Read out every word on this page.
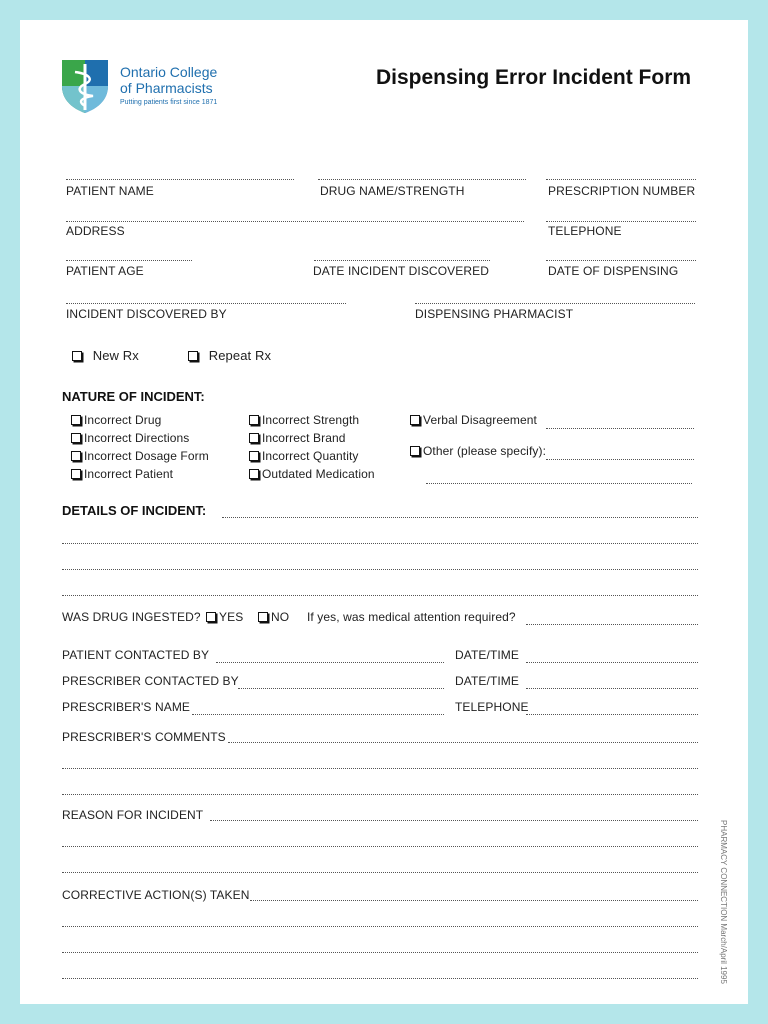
Ontario College
of Pharmacists
Putting patients first since 1871
Dispensing Error Incident Form
PATIENT NAME	DRUG NAME/STRENGTH	PRESCRIPTION NUMBER
ADDRESS	TELEPHONE
PATIENT AGE	DATE INCIDENT DISCOVERED	DATE OF DISPENSING
INCIDENT DISCOVERED BY	DISPENSING PHARMACIST
New Rx	Repeat Rx
NATURE OF INCIDENT:
Incorrect Drug
Incorrect Directions
Incorrect Dosage Form
Incorrect Patient
Incorrect Strength
Incorrect Brand
Incorrect Quantity
Outdated Medication
Verbal Disagreement
Other (please specify):
DETAILS OF INCIDENT:
WAS DRUG INGESTED?	YES	NO If yes, was medical attention required?
PATIENT CONTACTED BY	DATE/TIME
PRESCRIBER CONTACTED BY	DATE/TIME
PRESCRIBER'S NAME	TELEPHONE
PRESCRIBER'S COMMENTS
REASON FOR INCIDENT
CORRECTIVE ACTION(S) TAKEN	PHARMACY CONNECTION March/April 1995
